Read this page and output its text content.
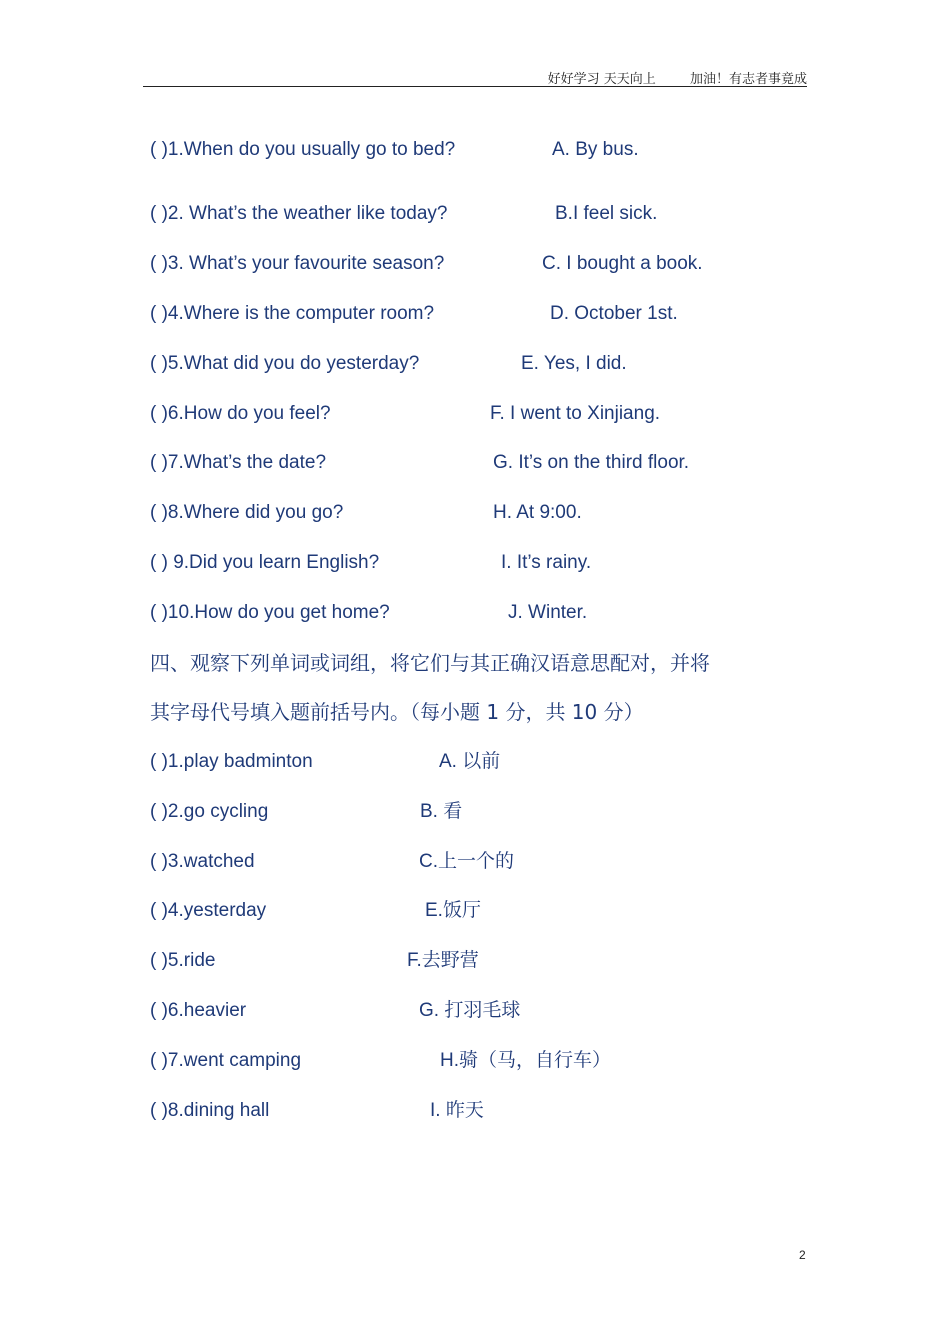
好好学习 天天向上	加油！有志者事竟成
( )1.When do you usually go to bed?	A. By bus.
( )2. What’s the weather like today?	B.I feel sick.
( )3. What’s your favourite season?	C. I bought a book.
( )4.Where is the computer room?	D. October 1st.
( )5.What did you do yesterday?	E. Yes, I did.
( )6.How do you feel?	F. I went to Xinjiang.
( )7.What’s the date?	G. It’s on the third floor.
( )8.Where did you go?	H. At 9:00.
( ) 9.Did you learn English?	I. It’s rainy.
( )10.How do you get home?	J. Winter.
四、观察下列单词或词组，将它们与其正确汉语意思配对，并将
其字母代号填入题前括号内。（每小题 1 分，共 10 分）
( )1.play badminton	A. 以前
( )2.go cycling	B. 看
( )3.watched	C.上一个的
( )4.yesterday	E.饭厅
( )5.ride	F.去野营
( )6.heavier	G. 打羽毛球
( )7.went camping	H.骑（马，自行车）
( )8.dining hall	I. 昨天
2
